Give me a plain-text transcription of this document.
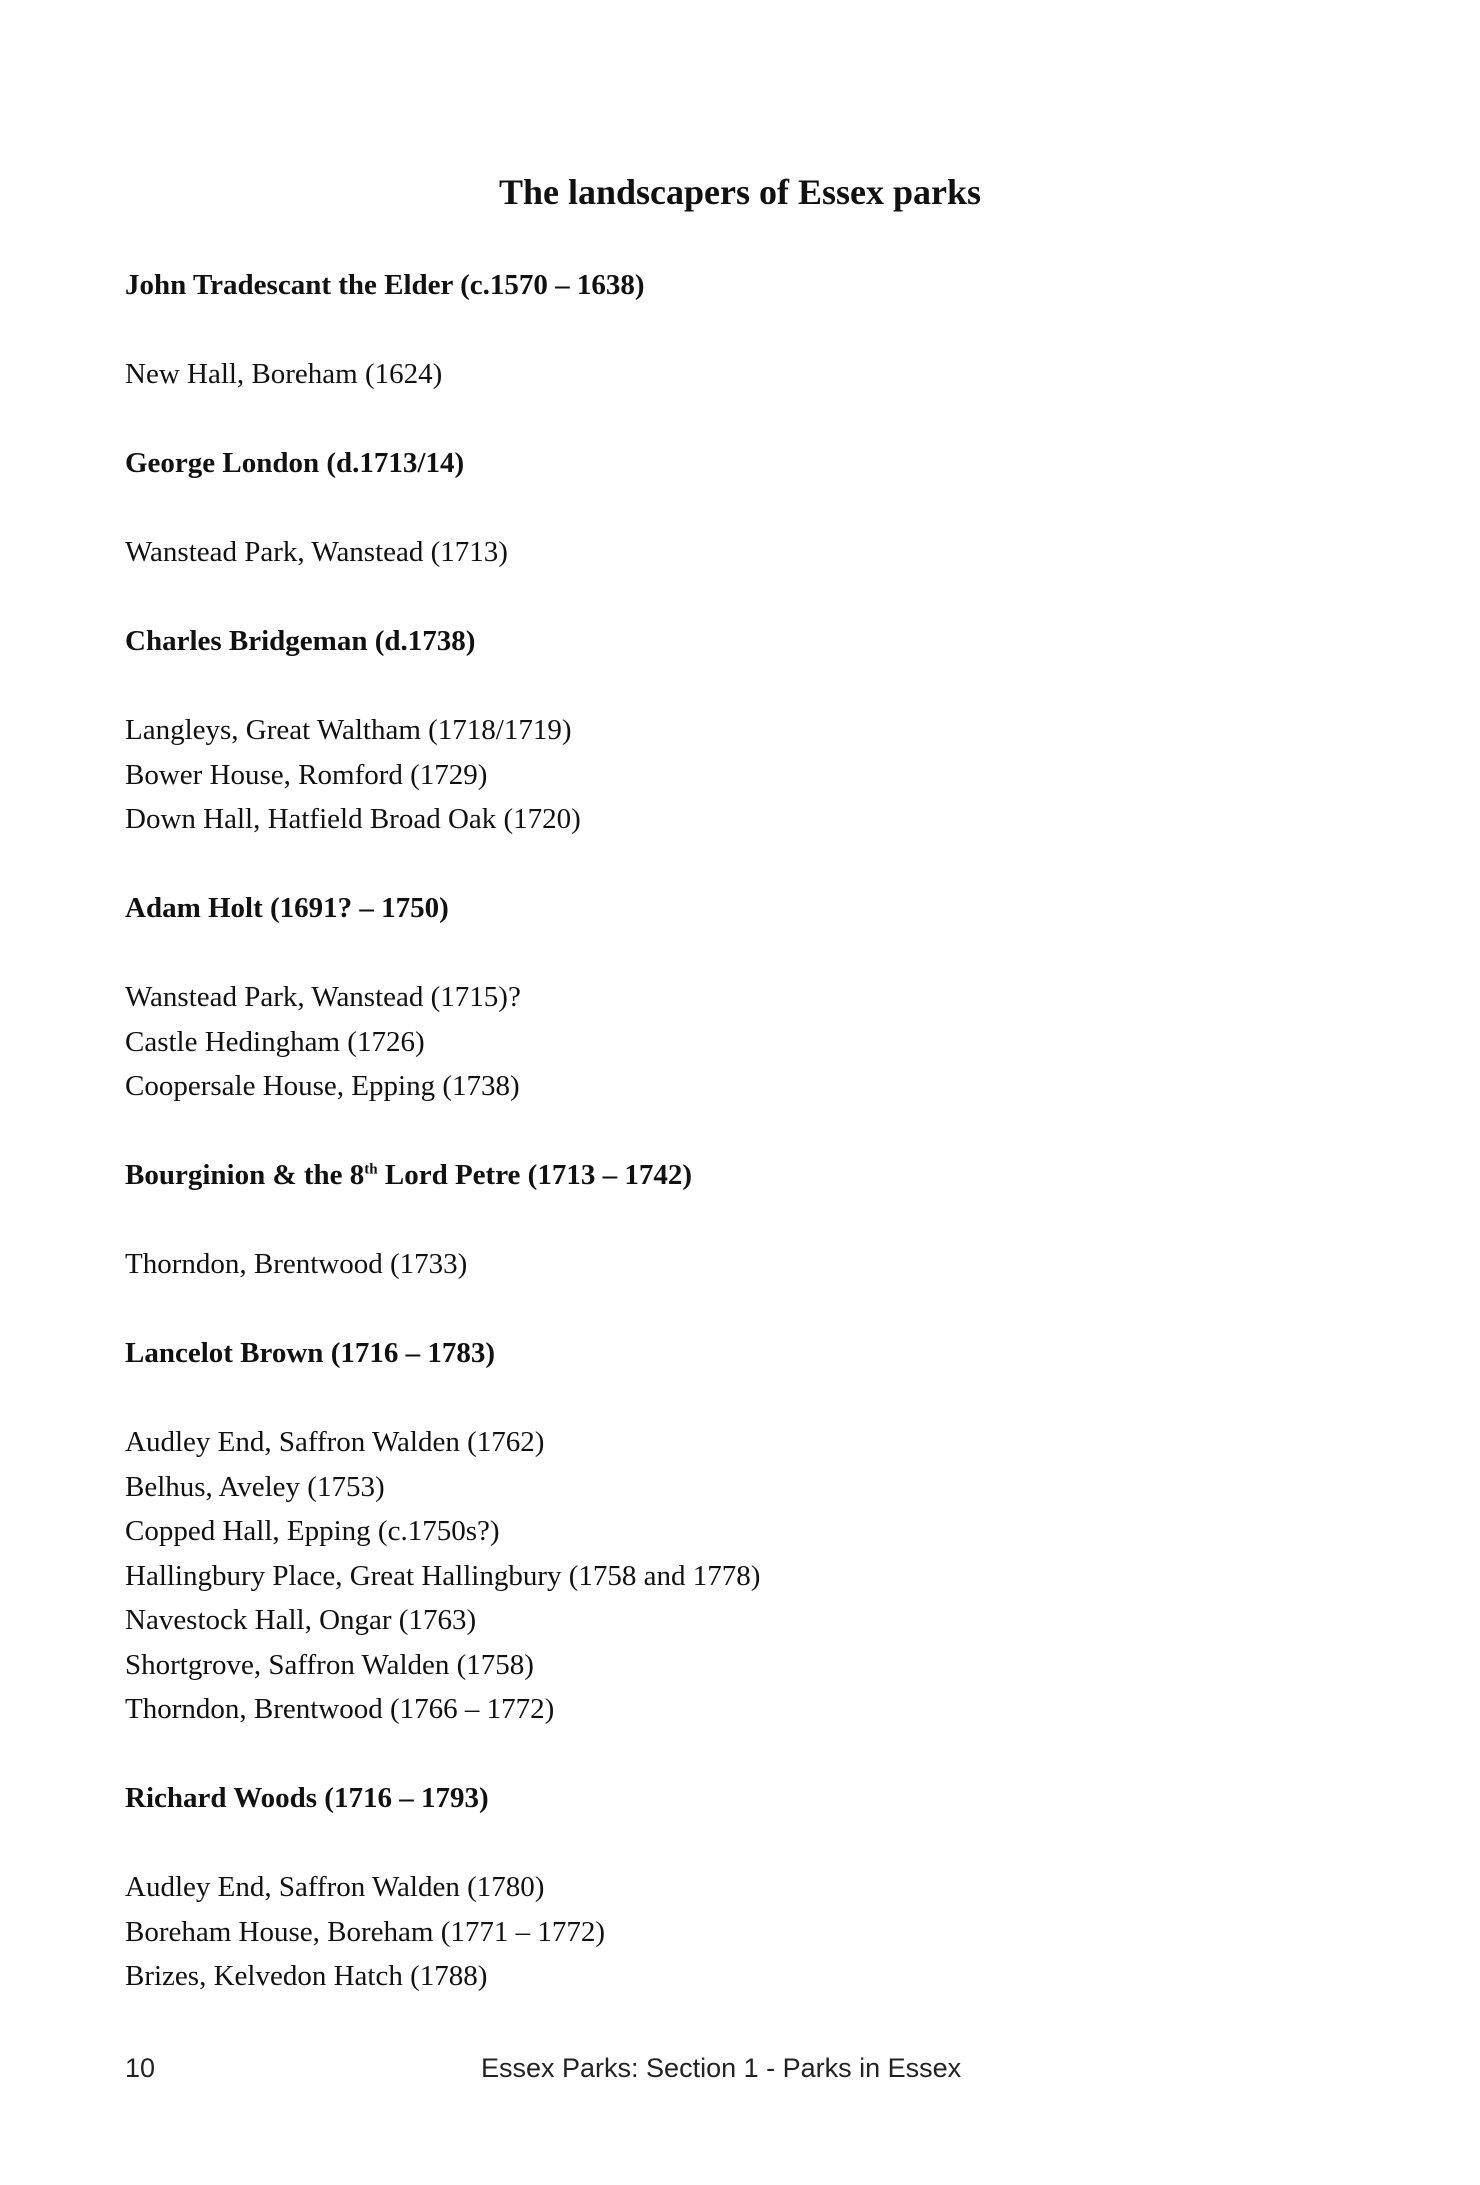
The landscapers of Essex parks
John Tradescant the Elder (c.1570 – 1638)
New Hall, Boreham (1624)
George London (d.1713/14)
Wanstead Park, Wanstead (1713)
Charles Bridgeman (d.1738)
Langleys, Great Waltham (1718/1719)
Bower House, Romford (1729)
Down Hall, Hatfield Broad Oak (1720)
Adam Holt (1691? – 1750)
Wanstead Park, Wanstead (1715)?
Castle Hedingham (1726)
Coopersale House, Epping (1738)
Bourginion & the 8th Lord Petre (1713 – 1742)
Thorndon, Brentwood (1733)
Lancelot Brown (1716 – 1783)
Audley End, Saffron Walden (1762)
Belhus, Aveley (1753)
Copped Hall, Epping (c.1750s?)
Hallingbury Place, Great Hallingbury (1758 and 1778)
Navestock Hall, Ongar (1763)
Shortgrove, Saffron Walden (1758)
Thorndon, Brentwood (1766 – 1772)
Richard Woods (1716 – 1793)
Audley End, Saffron Walden (1780)
Boreham House, Boreham (1771 – 1772)
Brizes, Kelvedon Hatch (1788)
10	Essex Parks: Section 1 - Parks in Essex
